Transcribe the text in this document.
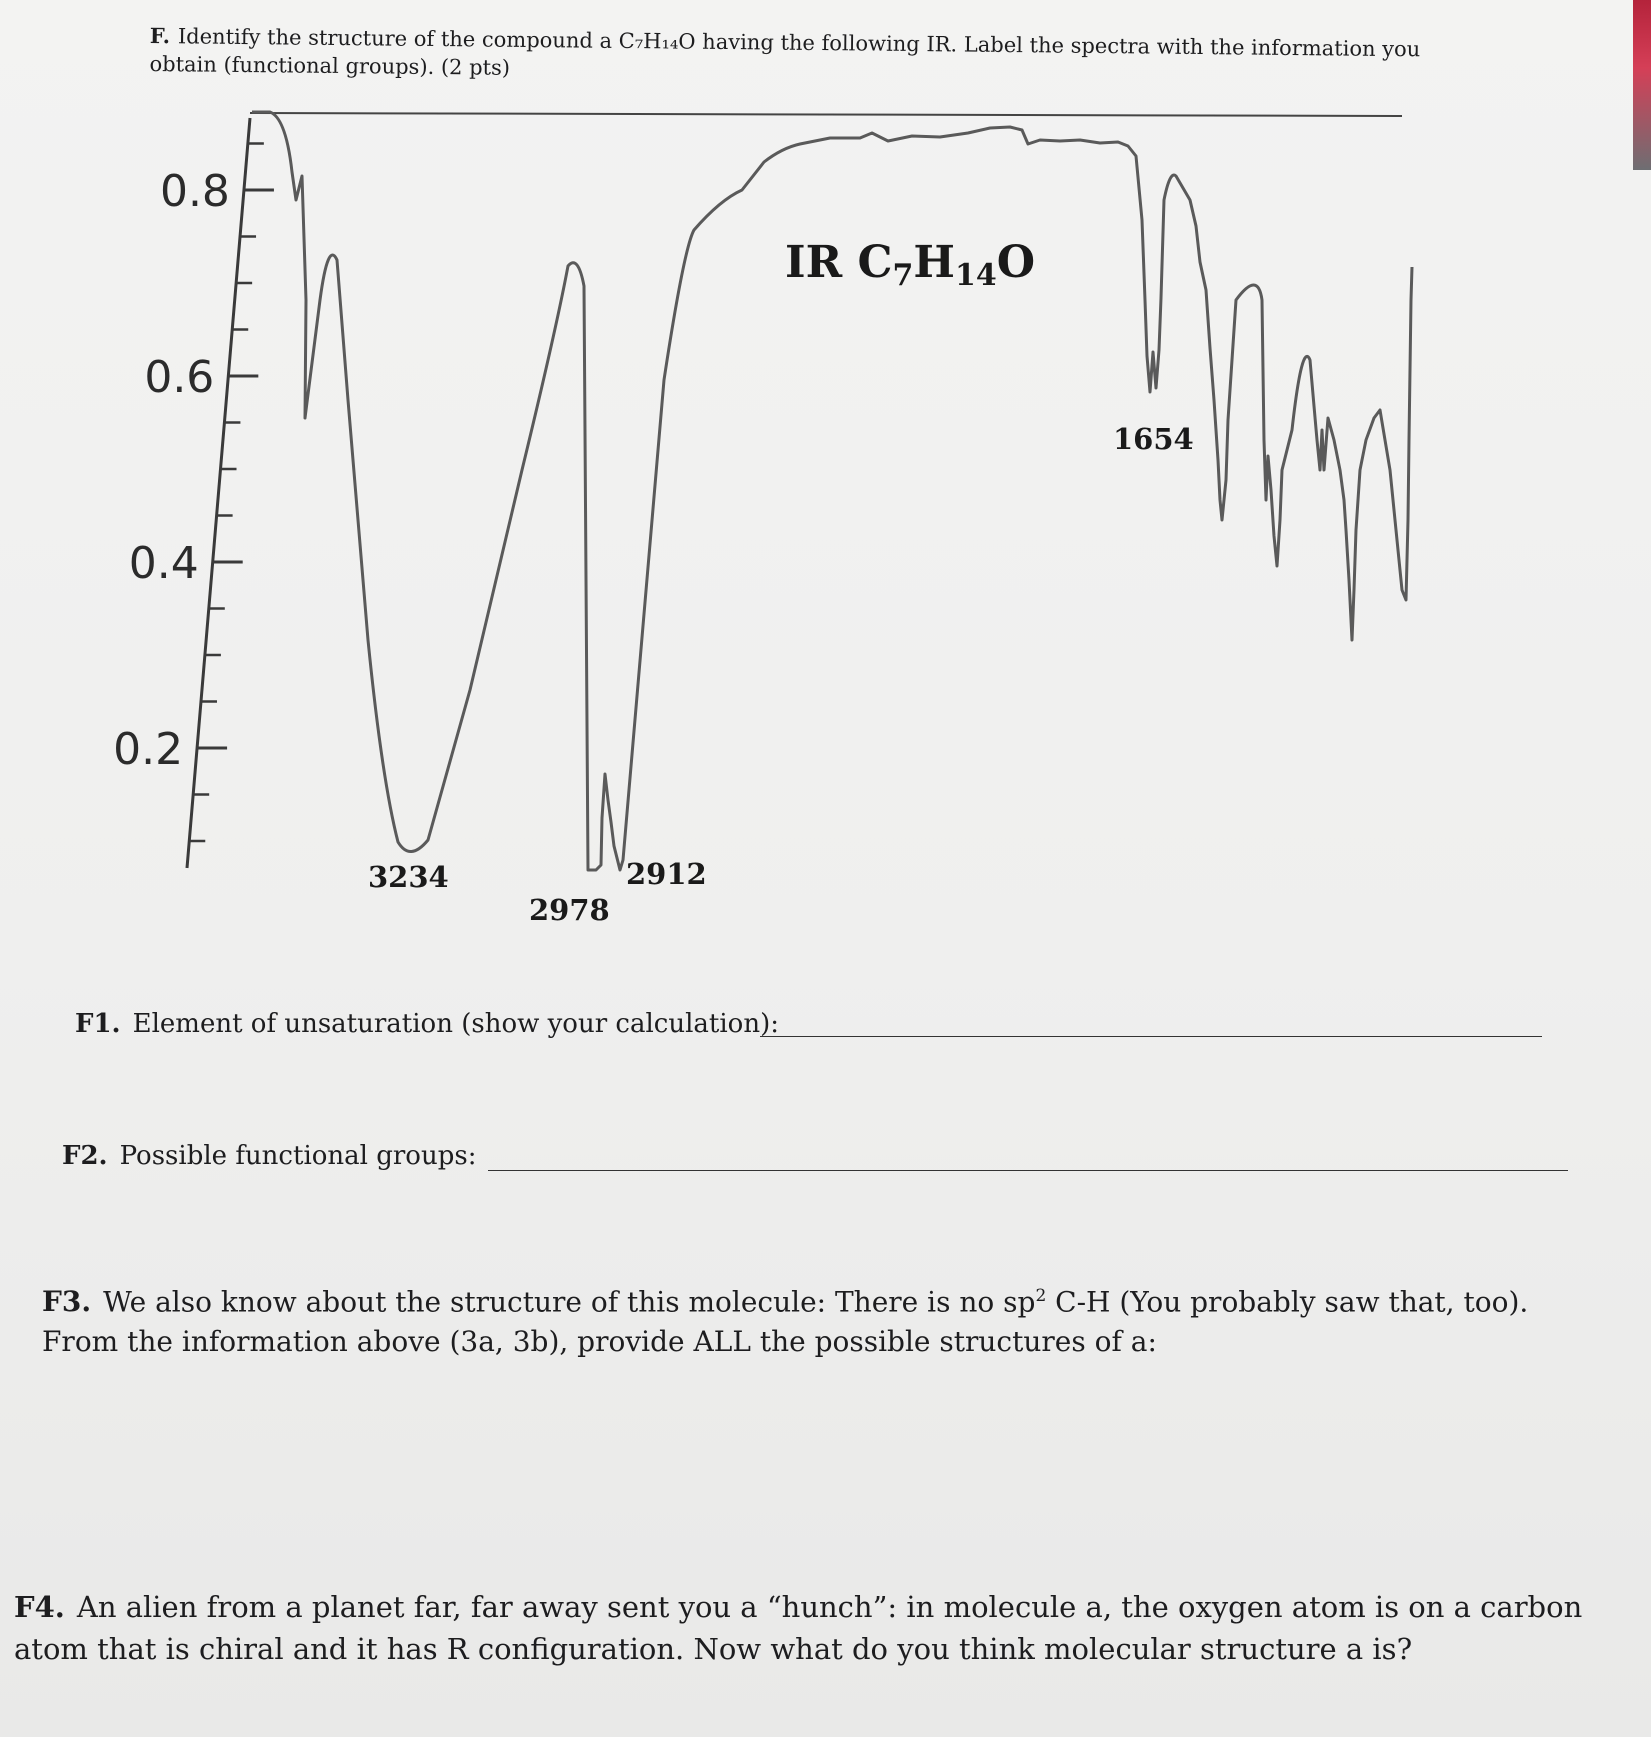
F. Identify the structure of the compound a C₇H₁₄O having the following IR. Label the spectra with the information you obtain (functional groups). (2 pts)
0.8
0.6
0.4
0.2
IR C7H14O
3234
2978
2912
1654
F1. Element of unsaturation (show your calculation):
F2. Possible functional groups:
F3. We also know about the structure of this molecule: There is no $sp^2$ C-H (You probably saw that, too).
From the information above (3a, 3b), provide ALL the possible structures of a:
F4. An alien from a planet far, far away sent you a “hunch”: in molecule a, the oxygen atom is on a carbon atom that is chiral and it has R configuration. Now what do you think molecular structure a is?
